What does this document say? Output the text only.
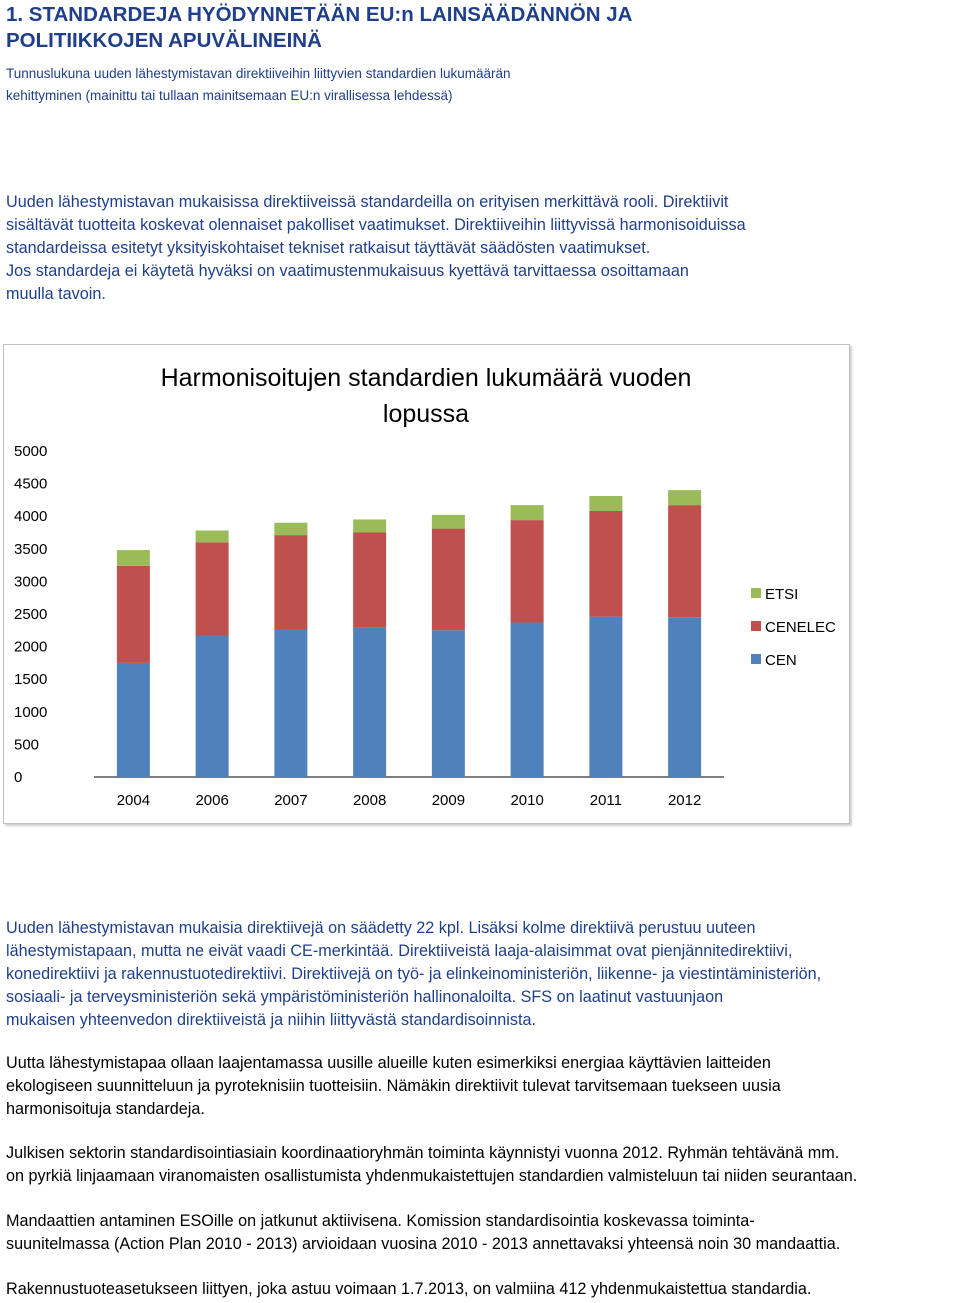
1. STANDARDEJA HYÖDYNNETÄÄN EU:n LAINSÄÄDÄNNÖN JA
POLITIIKKOJEN APUVÄLINEINÄ
Tunnuslukuna uuden lähestymistavan direktiiveihin liittyvien standardien lukumäärän
kehittyminen (mainittu tai tullaan mainitsemaan EU:n virallisessa lehdessä)
Uuden lähestymistavan mukaisissa direktiiveissä standardeilla on erityisen merkittävä rooli. Direktiivit
sisältävät tuotteita koskevat olennaiset pakolliset vaatimukset. Direktiiveihin liittyvissä harmonisoiduissa
standardeissa esitetyt yksityiskohtaiset tekniset ratkaisut täyttävät säädösten vaatimukset.
Jos standardeja ei käytetä hyväksi on vaatimustenmukaisuus kyettävä tarvittaessa osoittamaan
muulla tavoin.
Harmonisoitujen standardien lukumäärä vuoden
lopussa
0
500
1000
1500
2000
2500
3000
3500
4000
4500
5000
2004	2006	2007	2008	2009	2010	2011	2012
ETSI
CENELEC
CEN
Uuden lähestymistavan mukaisia direktiivejä on säädetty 22 kpl. Lisäksi kolme direktiivä perustuu uuteen
lähestymistapaan, mutta ne eivät vaadi CE-merkintää. Direktiiveistä laaja-alaisimmat ovat pienjännitedirektiivi,
konedirektiivi ja rakennustuotedirektiivi. Direktiivejä on työ- ja elinkeinoministeriön, liikenne- ja viestintäministeriön,
sosiaali- ja terveysministeriön sekä ympäristöministeriön hallinonaloilta. SFS on laatinut vastuunjaon
mukaisen yhteenvedon direktiiveistä ja niihin liittyvästä standardisoinnista.
Uutta lähestymistapaa ollaan laajentamassa uusille alueille kuten esimerkiksi energiaa käyttävien laitteiden
ekologiseen suunnitteluun ja pyroteknisiin tuotteisiin. Nämäkin direktiivit tulevat tarvitsemaan tuekseen uusia
harmonisoituja standardeja.
Julkisen sektorin standardisointiasiain koordinaatioryhmän toiminta käynnistyi vuonna 2012. Ryhmän tehtävänä mm.
on pyrkiä linjaamaan viranomaisten osallistumista yhdenmukaistettujen standardien valmisteluun tai niiden seurantaan.
Mandaattien antaminen ESOille on jatkunut aktiivisena. Komission standardisointia koskevassa toiminta-
suunitelmassa (Action Plan 2010 - 2013) arvioidaan vuosina 2010 - 2013 annettavaksi yhteensä noin 30 mandaattia.
Rakennustuoteasetukseen liittyen, joka astuu voimaan 1.7.2013, on valmiina 412 yhdenmukaistettua standardia.
